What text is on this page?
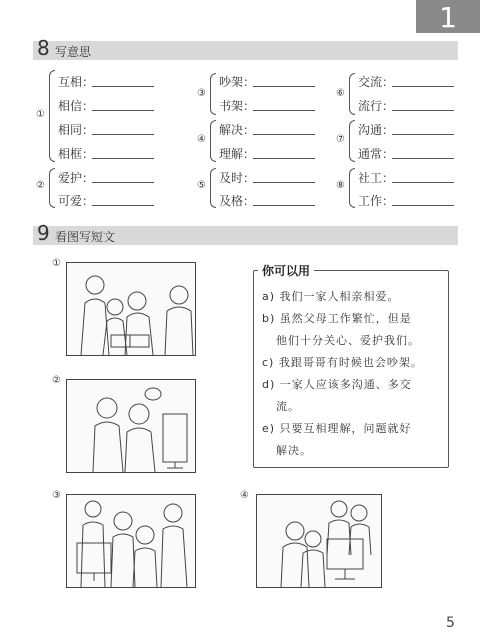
1
8 写意思
①
互相：
相信：
相同：
相框：
②
爱护：
可爱：
③
吵架：
书架：
④
解决：
理解：
⑤
及时：
及格：
⑥
交流：
流行：
⑦
沟通：
通常：
⑧
社工：
工作：
9 看图写短文
①
②
③	④
你可以用
a) 我们一家人相亲相爱。
b) 虽然父母工作繁忙，但是
他们十分关心、爱护我们。
c) 我跟哥哥有时候也会吵架。
d) 一家人应该多沟通、多交
流。
e) 只要互相理解，问题就好
解决。
5
